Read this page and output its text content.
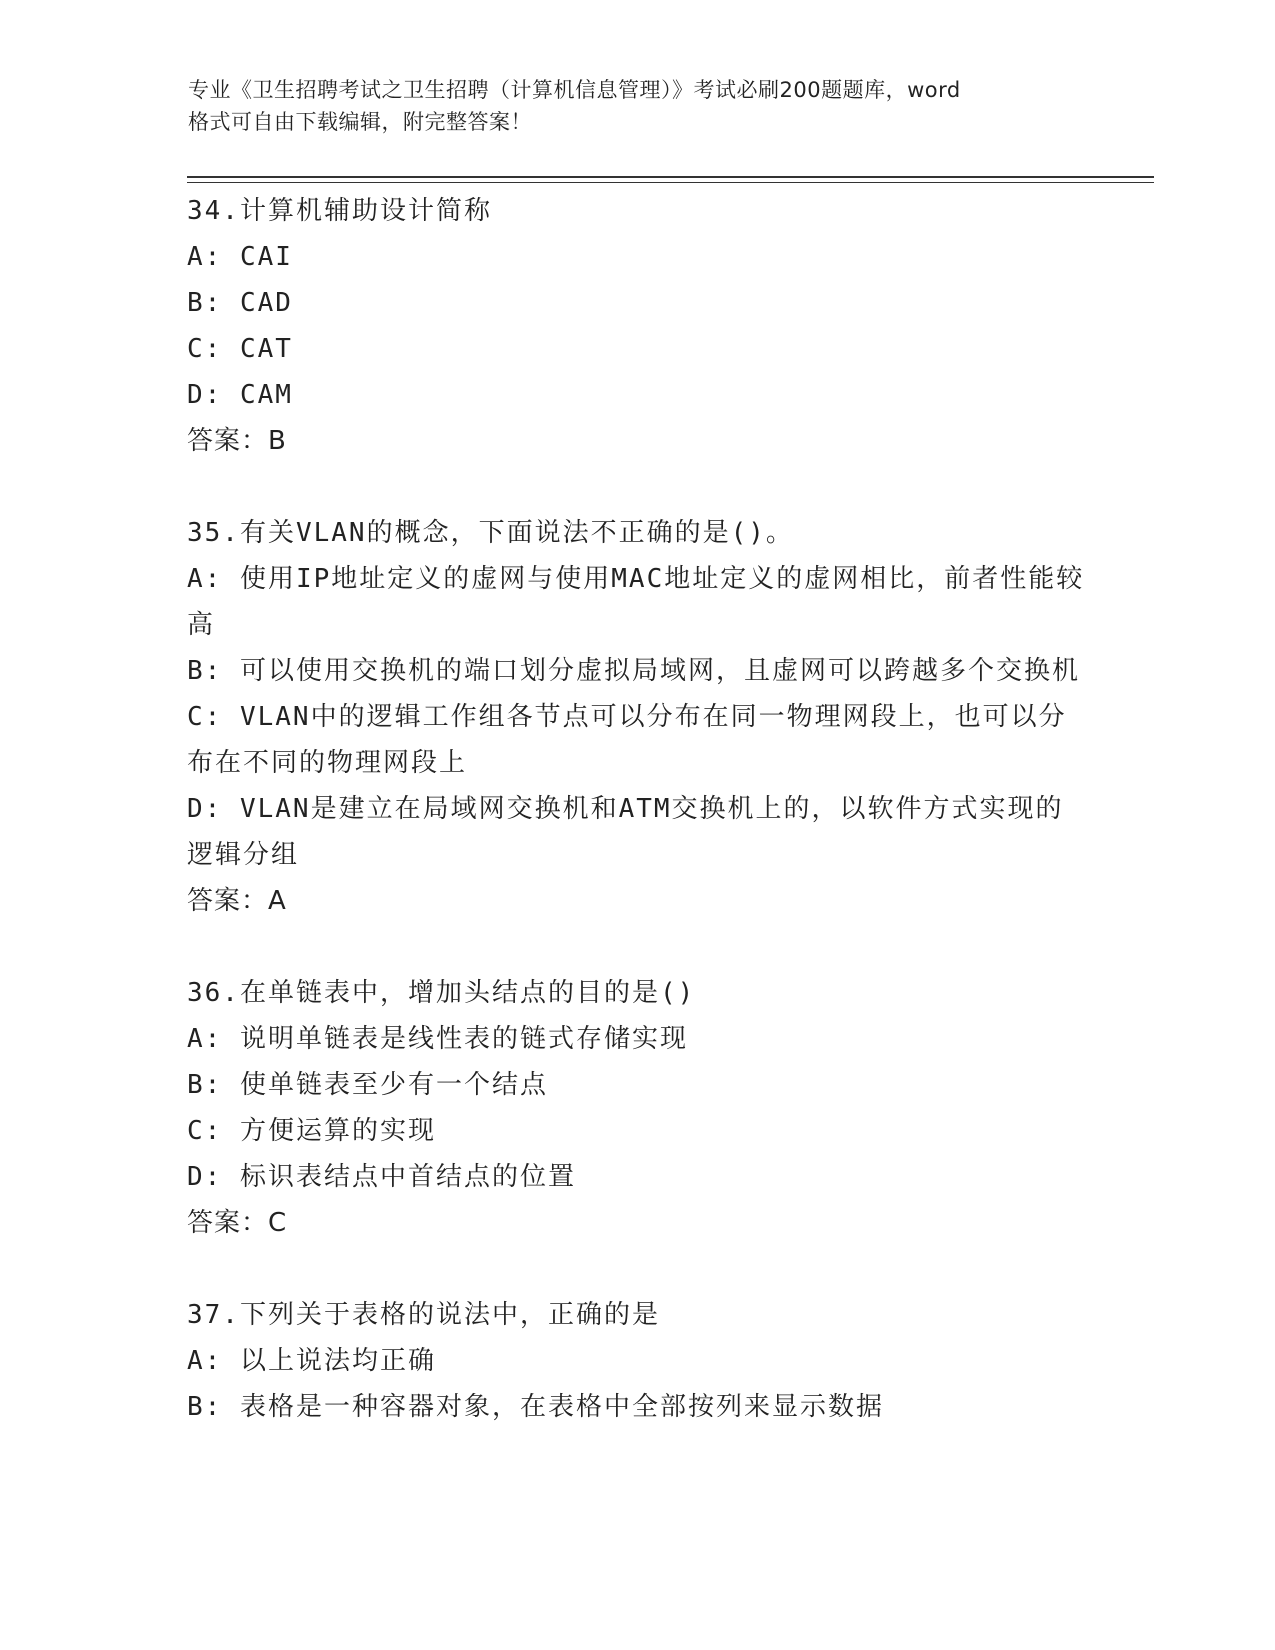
专业《卫生招聘考试之卫生招聘（计算机信息管理）》考试必刷200题题库，word
格式可自由下载编辑，附完整答案！
34.计算机辅助设计简称
A: CAI
B: CAD
C: CAT
D: CAM
答案：B
35.有关VLAN的概念，下面说法不正确的是()。
A: 使用IP地址定义的虚网与使用MAC地址定义的虚网相比，前者性能较高
B: 可以使用交换机的端口划分虚拟局域网，且虚网可以跨越多个交换机
C: VLAN中的逻辑工作组各节点可以分布在同一物理网段上，也可以分布在不同的物理网段上
D: VLAN是建立在局域网交换机和ATM交换机上的，以软件方式实现的逻辑分组
答案：A
36.在单链表中，增加头结点的目的是()
A: 说明单链表是线性表的链式存储实现
B: 使单链表至少有一个结点
C: 方便运算的实现
D: 标识表结点中首结点的位置
答案：C
37.下列关于表格的说法中，正确的是
A: 以上说法均正确
B: 表格是一种容器对象，在表格中全部按列来显示数据
